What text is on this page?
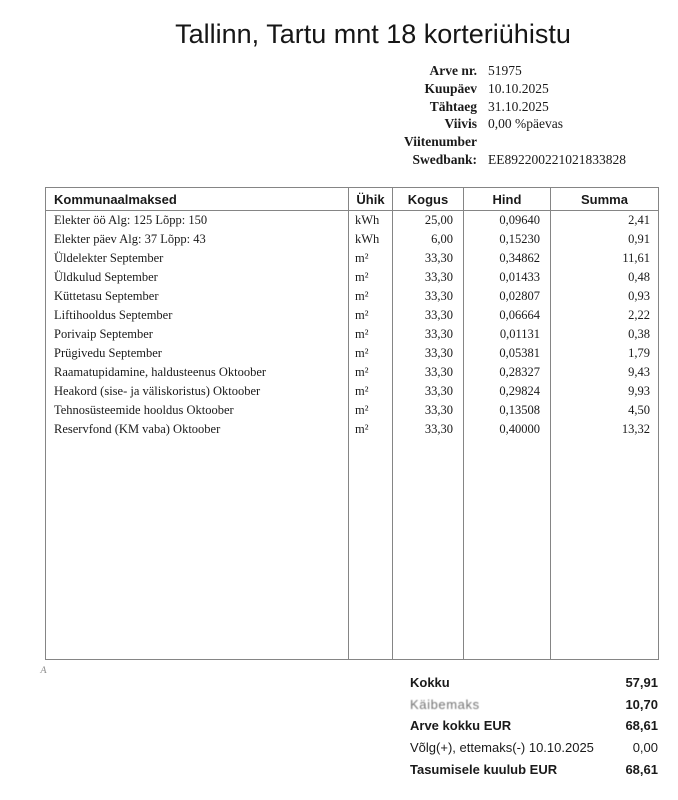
Tallinn, Tartu mnt 18 korteriühistu
Arve nr. 51975
Kuupäev 10.10.2025
Tähtaeg 31.10.2025
Viivis 0,00 %päevas
Viitenumber
Swedbank: EE892200221021833828
Kommunaalmaksed	Ühik	Kogus	Hind	Summa
Elekter öö Alg: 125 Lõpp: 150	kWh	25,00	0,09640	2,41
Elekter päev Alg: 37 Lõpp: 43	kWh	6,00	0,15230	0,91
Üldelekter September	m²	33,30	0,34862	11,61
Üldkulud September	m²	33,30	0,01433	0,48
Küttetasu September	m²	33,30	0,02807	0,93
Liftihooldus September	m²	33,30	0,06664	2,22
Porivaip September	m²	33,30	0,01131	0,38
Prügivedu September	m²	33,30	0,05381	1,79
Raamatupidamine, haldusteenus Oktoober	m²	33,30	0,28327	9,43
Heakord (sise- ja väliskoristus) Oktoober	m²	33,30	0,29824	9,93
Tehnosüsteemide hooldus Oktoober	m²	33,30	0,13508	4,50
Reservfond (KM vaba) Oktoober	m²	33,30	0,40000	13,32

A
Kokku	57,91
Käibemaks	10,70
Arve kokku EUR	68,61
Võlg(+), ettemaks(-) 10.10.2025	0,00
Tasumisele kuulub EUR	68,61
